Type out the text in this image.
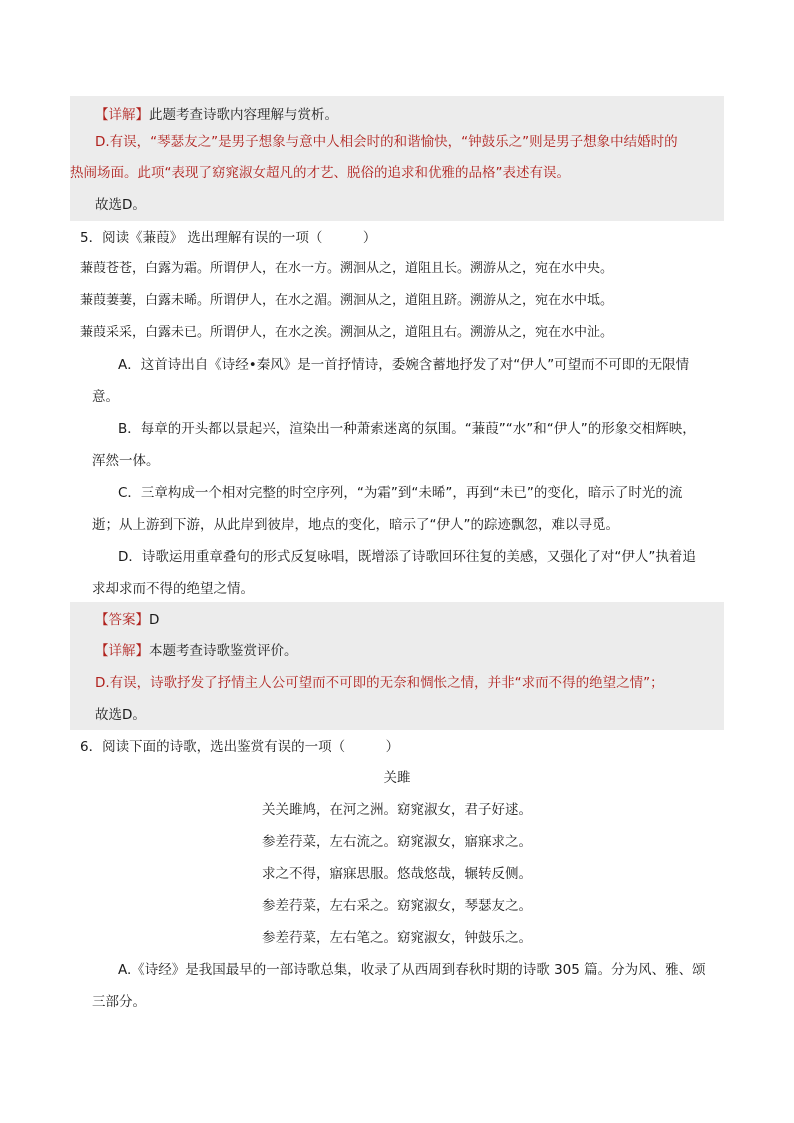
【详解】此题考查诗歌内容理解与赏析。
D.有误，“琴瑟友之”是男子想象与意中人相会时的和谐愉快，“钟鼓乐之”则是男子想象中结婚时的
热闹场面。此项“表现了窈窕淑女超凡的才艺、脱俗的追求和优雅的品格”表述有误。
故选D。
5．阅读《蒹葭》 选出理解有误的一项（　　　）
蒹葭苍苍，白露为霜。所谓伊人，在水一方。溯洄从之，道阻且长。溯游从之，宛在水中央。
蒹葭萋萋，白露未晞。所谓伊人，在水之湄。溯洄从之，道阻且跻。溯游从之，宛在水中坻。
蒹葭采采，白露未已。所谓伊人，在水之涘。溯洄从之，道阻且右。溯游从之，宛在水中沚。
A．这首诗出自《诗经•秦风》是一首抒情诗，委婉含蓄地抒发了对“伊人”可望而不可即的无限情
意。
B．每章的开头都以景起兴，渲染出一种萧索迷离的氛围。“蒹葭”“水”和“伊人”的形象交相辉映，
浑然一体。
C．三章构成一个相对完整的时空序列，“为霜”到“未晞”，再到“未已”的变化，暗示了时光的流
逝；从上游到下游，从此岸到彼岸，地点的变化，暗示了“伊人”的踪迹飘忽，难以寻觅。
D．诗歌运用重章叠句的形式反复咏唱，既增添了诗歌回环往复的美感，又强化了对“伊人”执着追
求却求而不得的绝望之情。
【答案】D
【详解】本题考查诗歌鉴赏评价。
D.有误，诗歌抒发了抒情主人公可望而不可即的无奈和惆怅之情，并非“求而不得的绝望之情”；
故选D。
6．阅读下面的诗歌，选出鉴赏有误的一项（　　　）
关雎
关关雎鸠，在河之洲。窈窕淑女，君子好逑。
参差荇菜，左右流之。窈窕淑女，寤寐求之。
求之不得，寤寐思服。悠哉悠哉，辗转反侧。
参差荇菜，左右采之。窈窕淑女，琴瑟友之。
参差荇菜，左右笔之。窈窕淑女，钟鼓乐之。
A.《诗经》是我国最早的一部诗歌总集，收录了从西周到春秋时期的诗歌 305 篇。分为风、雅、颂
三部分。
